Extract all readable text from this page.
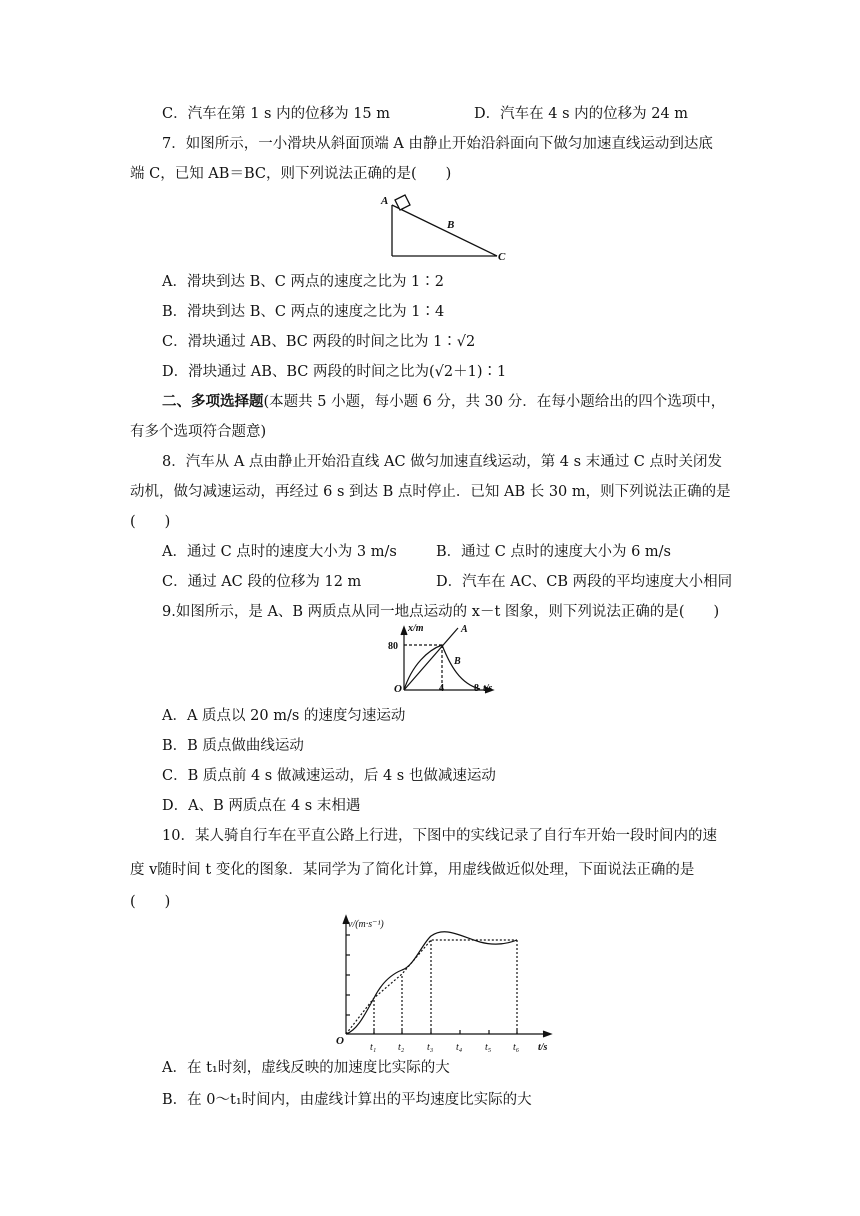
C．汽车在第 1 s 内的位移为 15 m	D．汽车在 4 s 内的位移为 24 m
7．如图所示，一小滑块从斜面顶端 A 由静止开始沿斜面向下做匀加速直线运动到达底
端 C，已知 AB＝BC，则下列说法正确的是(　　)
A
B
C
A．滑块到达 B、C 两点的速度之比为 1∶2
B．滑块到达 B、C 两点的速度之比为 1∶4
C．滑块通过 AB、BC 两段的时间之比为 1∶√2
D．滑块通过 AB、BC 两段的时间之比为(√2＋1)∶1
二、多项选择题(本题共 5 小题，每小题 6 分，共 30 分．在每小题给出的四个选项中，
有多个选项符合题意)
8．汽车从 A 点由静止开始沿直线 AC 做匀加速直线运动，第 4 s 末通过 C 点时关闭发
动机，做匀减速运动，再经过 6 s 到达 B 点时停止．已知 AB 长 30 m，则下列说法正确的是
(　　)
A．通过 C 点时的速度大小为 3 m/s	B．通过 C 点时的速度大小为 6 m/s
C．通过 AC 段的位移为 12 m	D．汽车在 AC、CB 两段的平均速度大小相同
9.如图所示，是 A、B 两质点从同一地点运动的 x－t 图象，则下列说法正确的是(　　)
x/m
80
A
B
O	4	8 t/s
A．A 质点以 20 m/s 的速度匀速运动
B．B 质点做曲线运动
C．B 质点前 4 s 做减速运动，后 4 s 也做减速运动
D．A、B 两质点在 4 s 末相遇
10．某人骑自行车在平直公路上行进，下图中的实线记录了自行车开始一段时间内的速
度 v随时间 t 变化的图象．某同学为了简化计算，用虚线做近似处理，下面说法正确的是
(　　)
v/(m·s⁻¹)
O
t₁ t₂ t₃ t₄ t₅ t₆ t/s
A．在 t₁时刻，虚线反映的加速度比实际的大
B．在 0～t₁时间内，由虚线计算出的平均速度比实际的大
